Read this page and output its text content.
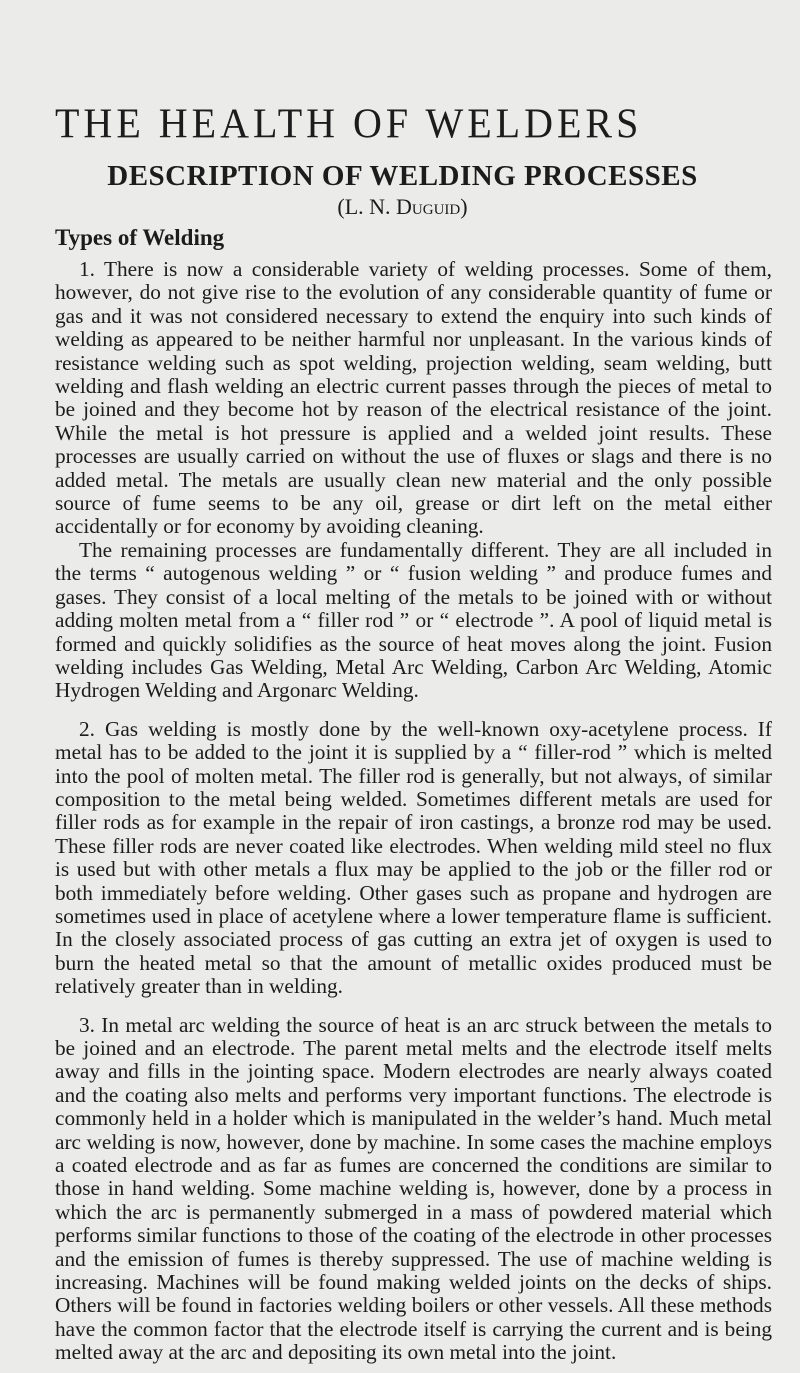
THE HEALTH OF WELDERS
DESCRIPTION OF WELDING PROCESSES

(L. N. Duguid)

Types of Welding

1. There is now a considerable variety of welding processes. Some of them, however, do not give rise to the evolution of any considerable quantity of fume or gas and it was not considered necessary to extend the enquiry into such kinds of welding as appeared to be neither harmful nor unpleasant. In the various kinds of resistance welding such as spot welding, projection welding, seam welding, butt welding and flash welding an electric current passes through the pieces of metal to be joined and they become hot by reason of the electrical resistance of the joint. While the metal is hot pressure is applied and a welded joint results. These processes are usually carried on without the use of fluxes or slags and there is no added metal. The metals are usually clean new material and the only possible source of fume seems to be any oil, grease or dirt left on the metal either accidentally or for economy by avoiding cleaning.

The remaining processes are fundamentally different. They are all included in the terms “ autogenous welding ” or “ fusion welding ” and produce fumes and gases. They consist of a local melting of the metals to be joined with or without adding molten metal from a “ filler rod ” or “ electrode ”. A pool of liquid metal is formed and quickly solidifies as the source of heat moves along the joint. Fusion welding includes Gas Welding, Metal Arc Welding, Carbon Arc Welding, Atomic Hydrogen Welding and Argonarc Welding.

2. Gas welding is mostly done by the well-known oxy-acetylene process. If metal has to be added to the joint it is supplied by a “ filler-rod ” which is melted into the pool of molten metal. The filler rod is generally, but not always, of similar composition to the metal being welded. Sometimes different metals are used for filler rods as for example in the repair of iron castings, a bronze rod may be used. These filler rods are never coated like electrodes. When welding mild steel no flux is used but with other metals a flux may be applied to the job or the filler rod or both immediately before welding. Other gases such as propane and hydrogen are sometimes used in place of acetylene where a lower temperature flame is sufficient. In the closely associated process of gas cutting an extra jet of oxygen is used to burn the heated metal so that the amount of metallic oxides produced must be relatively greater than in welding.

3. In metal arc welding the source of heat is an arc struck between the metals to be joined and an electrode. The parent metal melts and the electrode itself melts away and fills in the jointing space. Modern electrodes are nearly always coated and the coating also melts and performs very important functions. The electrode is commonly held in a holder which is manipulated in the welder’s hand. Much metal arc welding is now, however, done by machine. In some cases the machine employs a coated electrode and as far as fumes are concerned the conditions are similar to those in hand welding. Some machine welding is, however, done by a process in which the arc is permanently submerged in a mass of powdered material which performs similar functions to those of the coating of the electrode in other processes and the emission of fumes is thereby suppressed. The use of machine welding is increasing. Machines will be found making welded joints on the decks of ships. Others will be found in factories welding boilers or other vessels. All these methods have the common factor that the electrode itself is carrying the current and is being melted away at the arc and depositing its own metal into the joint.
